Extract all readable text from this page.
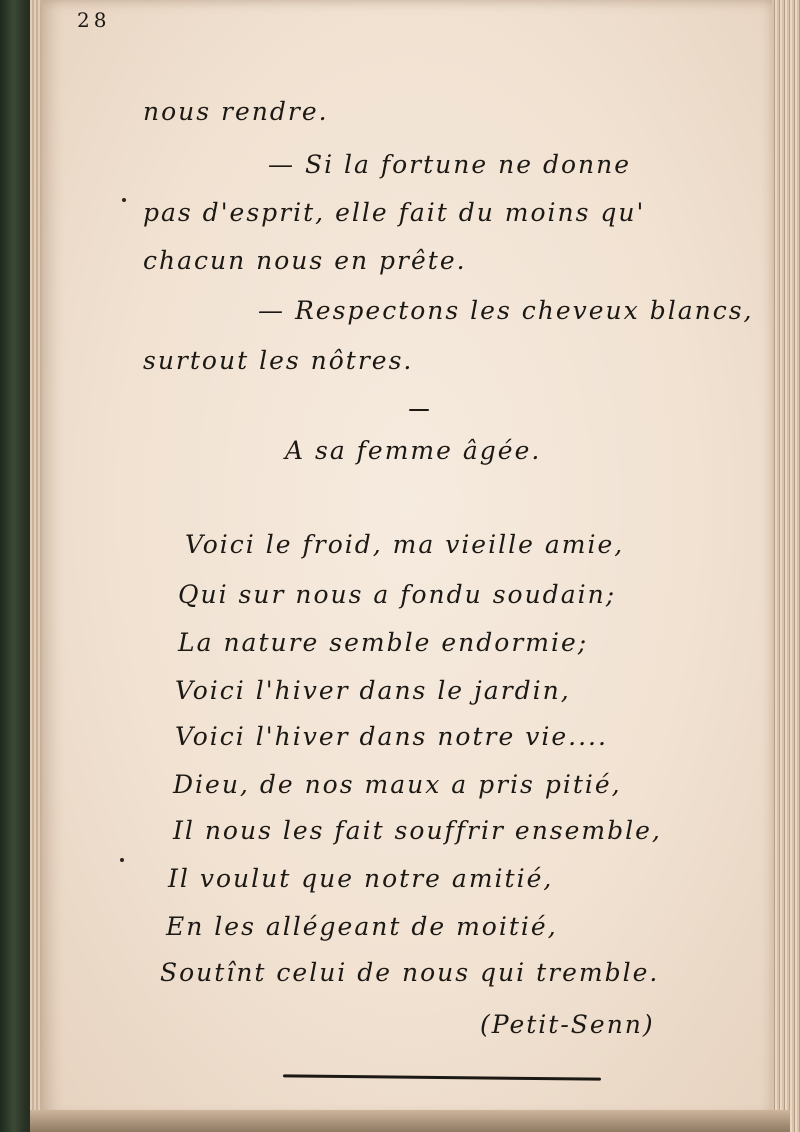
28
nous rendre.
— Si la fortune ne donne
pas d'esprit, elle fait du moins qu'
chacun nous en prête.
— Respectons les cheveux blancs,
surtout les nôtres.
A sa femme âgée.
Voici le froid, ma vieille amie,
Qui sur nous a fondu soudain;
La nature semble endormie;
Voici l'hiver dans le jardin,
Voici l'hiver dans notre vie....
Dieu, de nos maux a pris pitié,
Il nous les fait souffrir ensemble,
Il voulut que notre amitié,
En les allégeant de moitié,
Soutînt celui de nous qui tremble.
(Petit-Senn)
